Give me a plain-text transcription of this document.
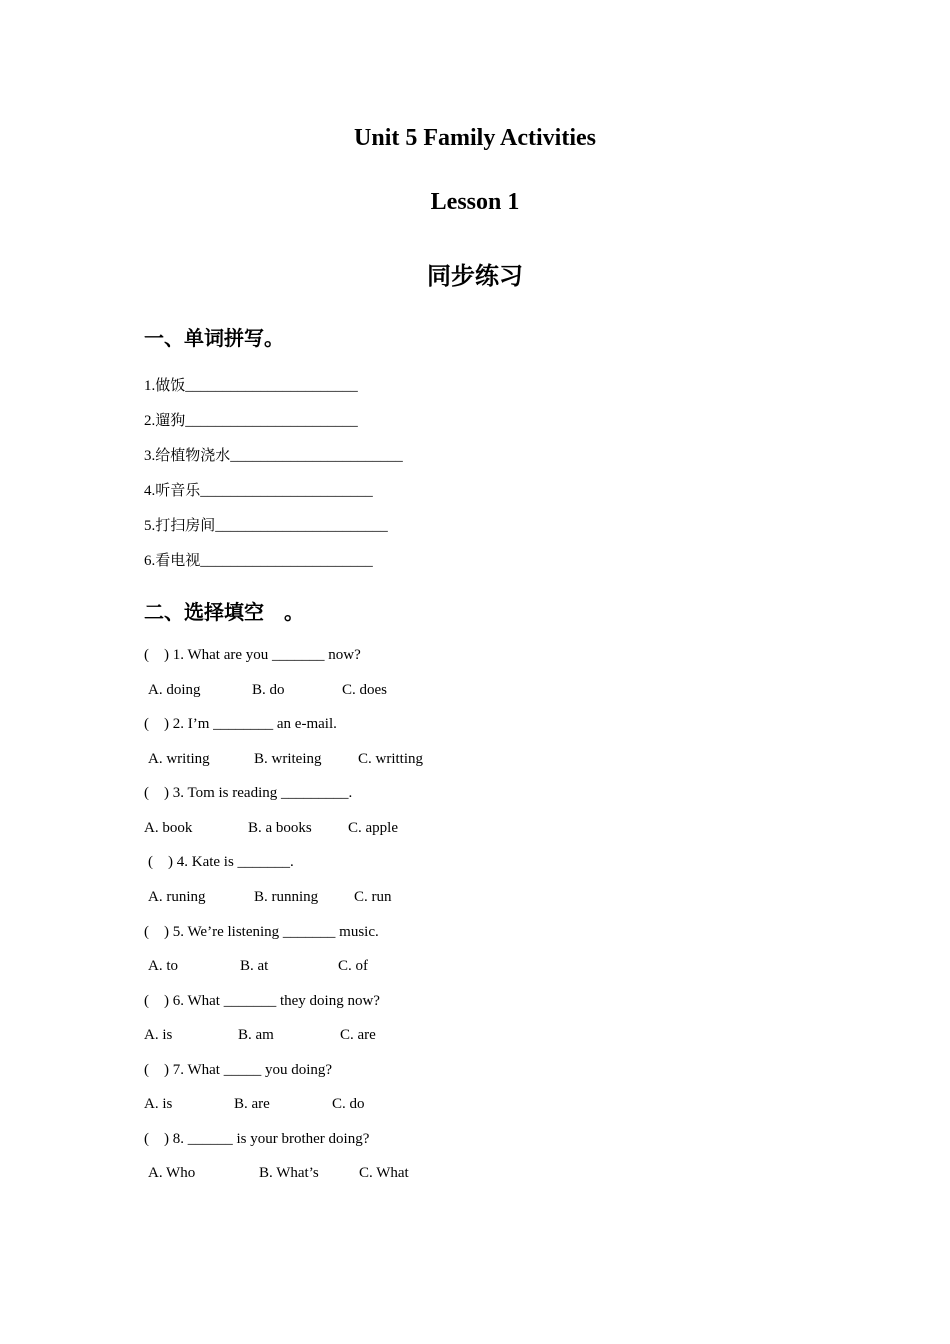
Unit 5 Family Activities
Lesson 1
同步练习
一、单词拼写。
1.做饭_______________________
2.遛狗_______________________
3.给植物浇水_______________________
4.听音乐_______________________
5.打扫房间_______________________
6.看电视_______________________
二、选择填空　。
(    ) 1. What are you _______ now?
A. doing	B. do	C. does
(    ) 2. I’m ________ an e-mail.
A. writing	B. writeing C. writting
(    ) 3. Tom is reading _________.
A. book	B. a books C. apple
(    ) 4. Kate is _______.
A. runing	B. running C. run
(    ) 5. We’re listening _______ music.
A. to	B. at	C. of
(    ) 6. What _______ they doing now?
A. is	B. am	C. are
(    ) 7. What _____ you doing?
A. is	B. are	C. do
(    ) 8. ______ is your brother doing?
A. Who	B. What’s	C. What
